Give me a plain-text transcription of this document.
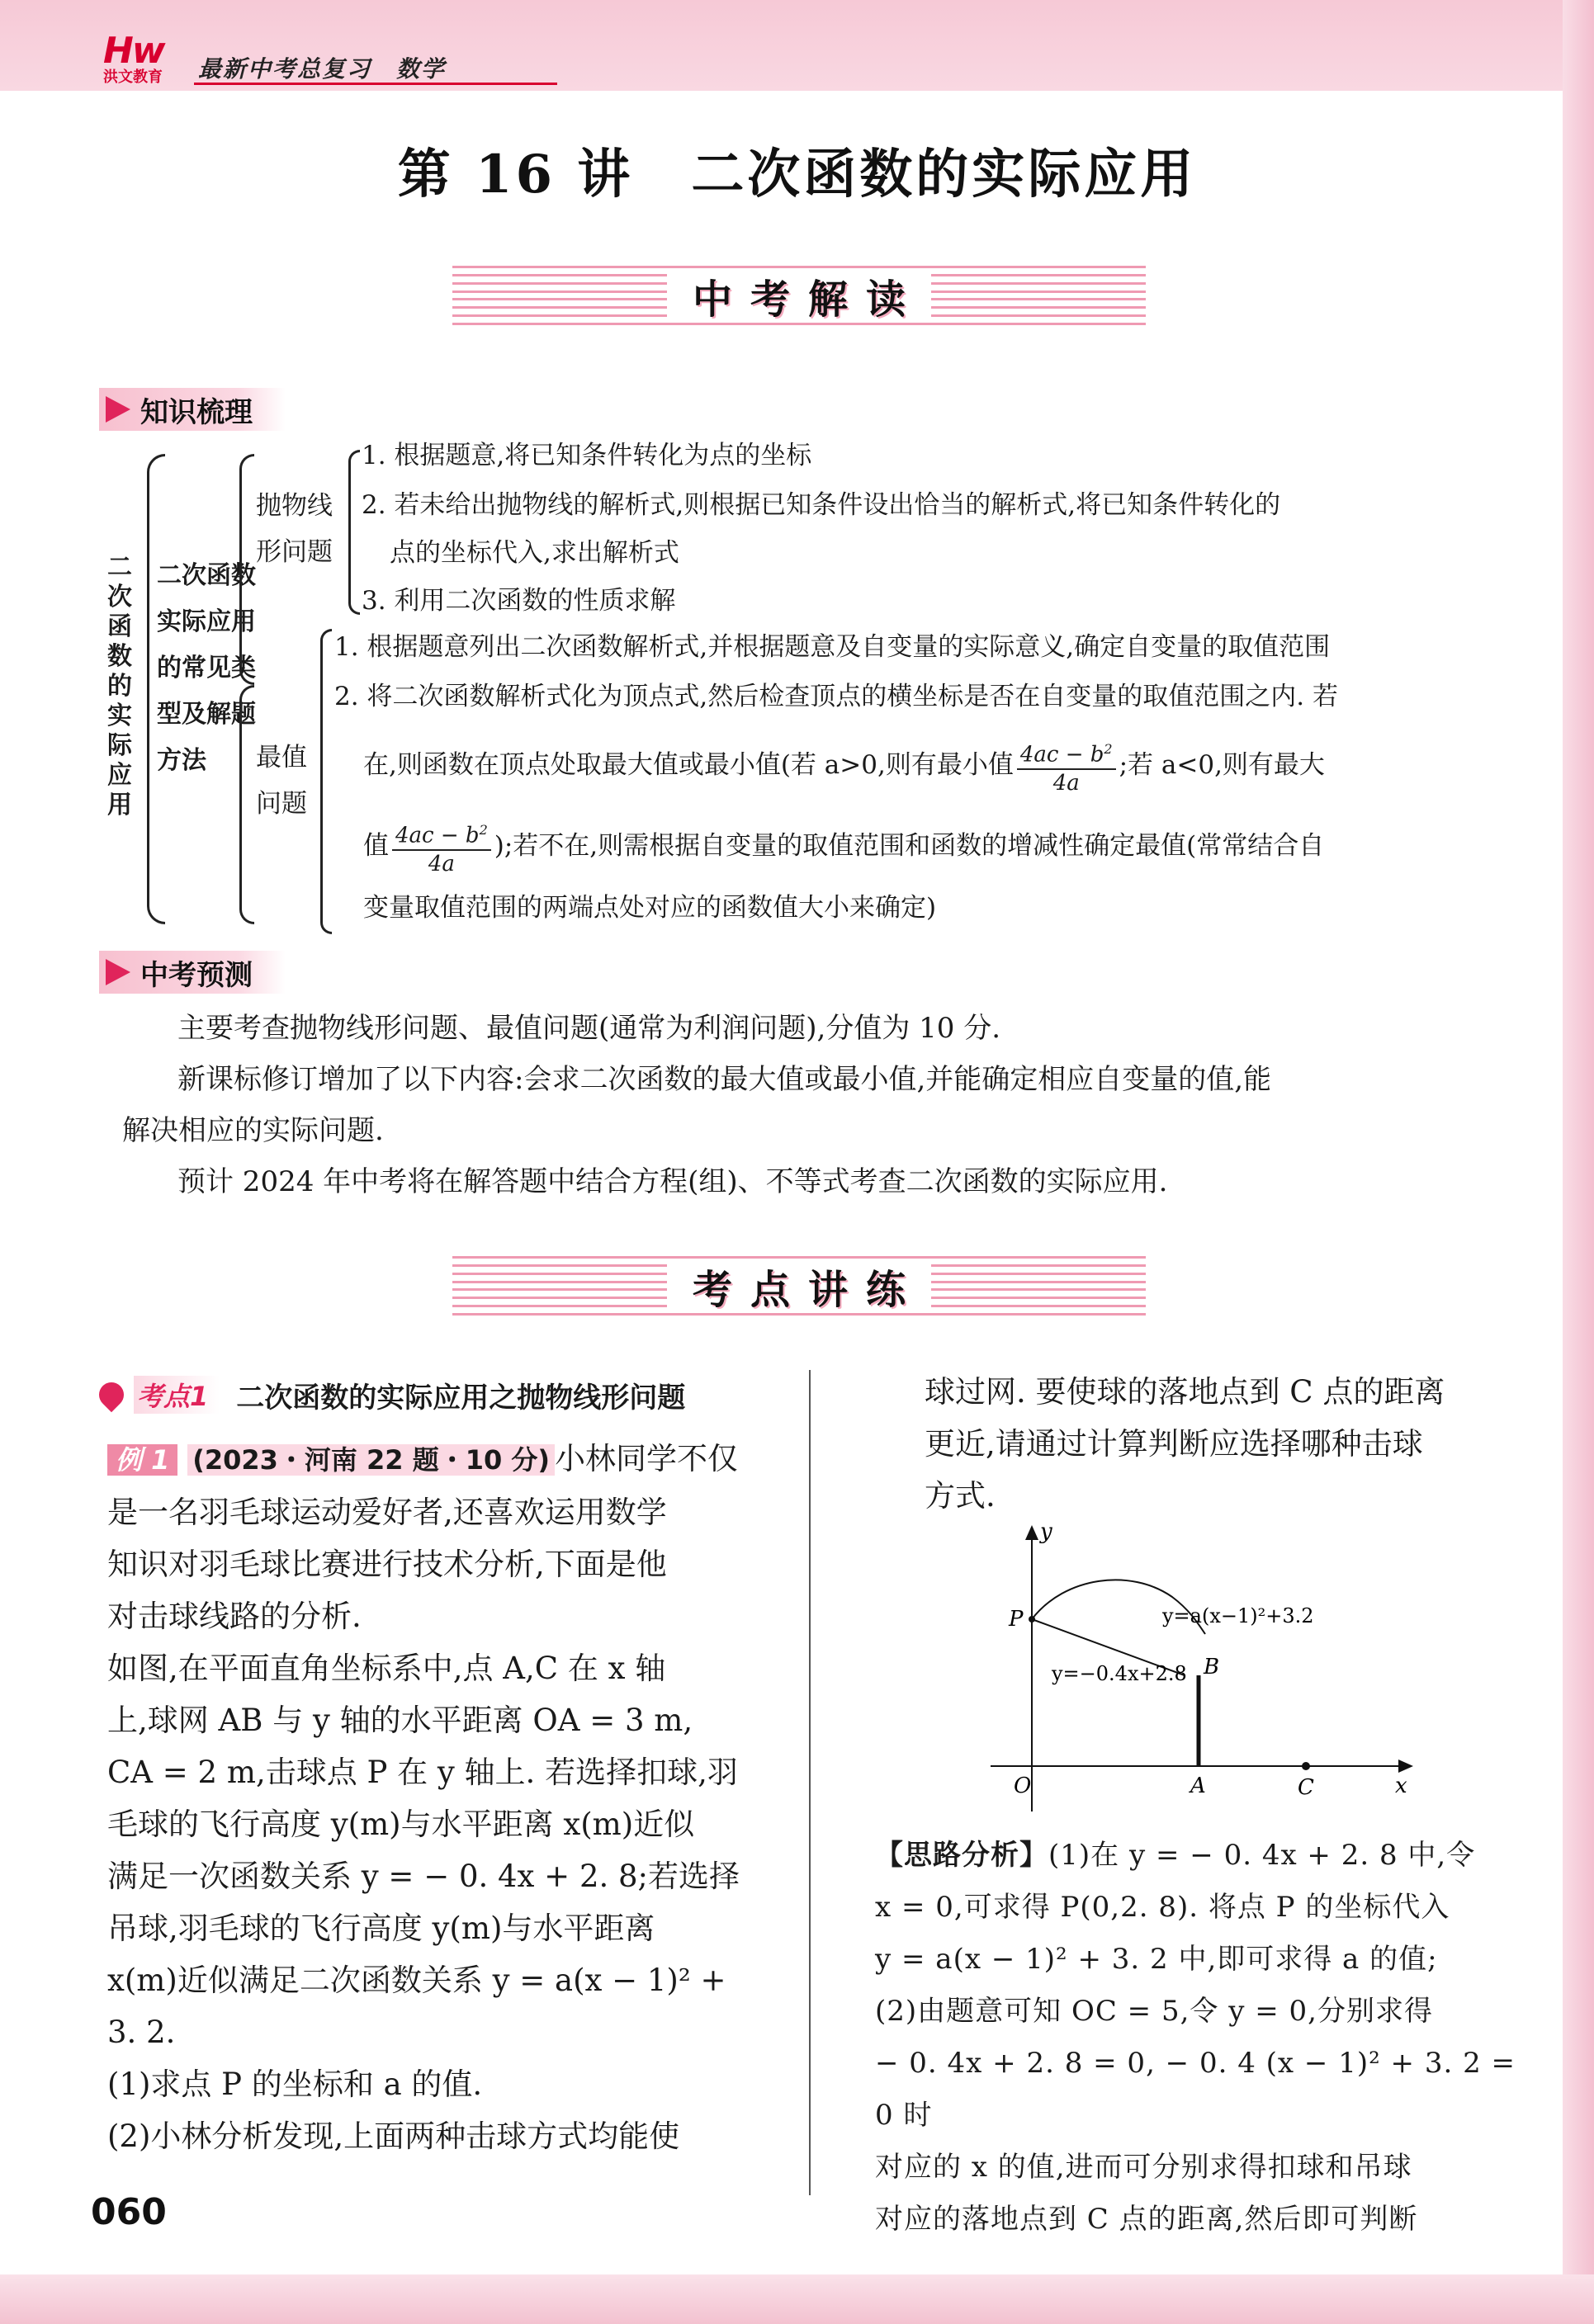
Hw
洪文教育	最新中考总复习　数学
第 16 讲 二次函数的实际应用
中考解读
知识梳理
二次函数的实际应用
二次函数实际应用的常见类型及解题方法
抛物线形问题
1. 根据题意,将已知条件转化为点的坐标
2. 若未给出抛物线的解析式,则根据已知条件设出恰当的解析式,将已知条件转化的
点的坐标代入,求出解析式
3. 利用二次函数的性质求解
最值问题
1. 根据题意列出二次函数解析式,并根据题意及自变量的实际意义,确定自变量的取值范围
2. 将二次函数解析式化为顶点式,然后检查顶点的横坐标是否在自变量的取值范围之内. 若
在,则函数在顶点处取最大值或最小值(若 a>0,则有最小值 $\frac{4ac - b^2}{4a}$ ;若 a<0,则有最大
值 $\frac{4ac - b^2}{4a}$ );若不在,则需根据自变量的取值范围和函数的增减性确定最值(常常结合自
变量取值范围的两端点处对应的函数值大小来确定)
中考预测
主要考查抛物线形问题、最值问题(通常为利润问题),分值为 10 分.
新课标修订增加了以下内容:会求二次函数的最大值或最小值,并能确定相应自变量的值,能
解决相应的实际问题.
预计 2024 年中考将在解答题中结合方程(组)、不等式考查二次函数的实际应用.
考点讲练
考点1	二次函数的实际应用之抛物线形问题
例 1 (2023・河南 22 题・10 分) 小林同学不仅
是一名羽毛球运动爱好者,还喜欢运用数学
知识对羽毛球比赛进行技术分析,下面是他
对击球线路的分析.
如图,在平面直角坐标系中,点 A,C 在 x 轴
上,球网 AB 与 y 轴的水平距离 OA = 3 m,
CA = 2 m,击球点 P 在 y 轴上. 若选择扣球,羽
毛球的飞行高度 y(m)与水平距离 x(m)近似
满足一次函数关系 y = − 0. 4x + 2. 8;若选择
吊球,羽毛球的飞行高度 y(m)与水平距离
x(m)近似满足二次函数关系 y = a(x − 1)² +
3. 2.
(1)求点 P 的坐标和 a 的值.
(2)小林分析发现,上面两种击球方式均能使
球过网. 要使球的落地点到 C 点的距离
更近,请通过计算判断应选择哪种击球
方式.
y
x
O
P
A
B
C
y=a(x−1)²+3.2
y=−0.4x+2.8
【思路分析】(1)在 y = − 0. 4x + 2. 8 中,令
x = 0,可求得 P(0,2. 8). 将点 P 的坐标代入
y = a(x − 1)² + 3. 2 中,即可求得 a 的值;
(2)由题意可知 OC = 5,令 y = 0,分别求得
− 0. 4x + 2. 8 = 0, − 0. 4 (x − 1)² + 3. 2 = 0 时
对应的 x 的值,进而可分别求得扣球和吊球
对应的落地点到 C 点的距离,然后即可判断
060
